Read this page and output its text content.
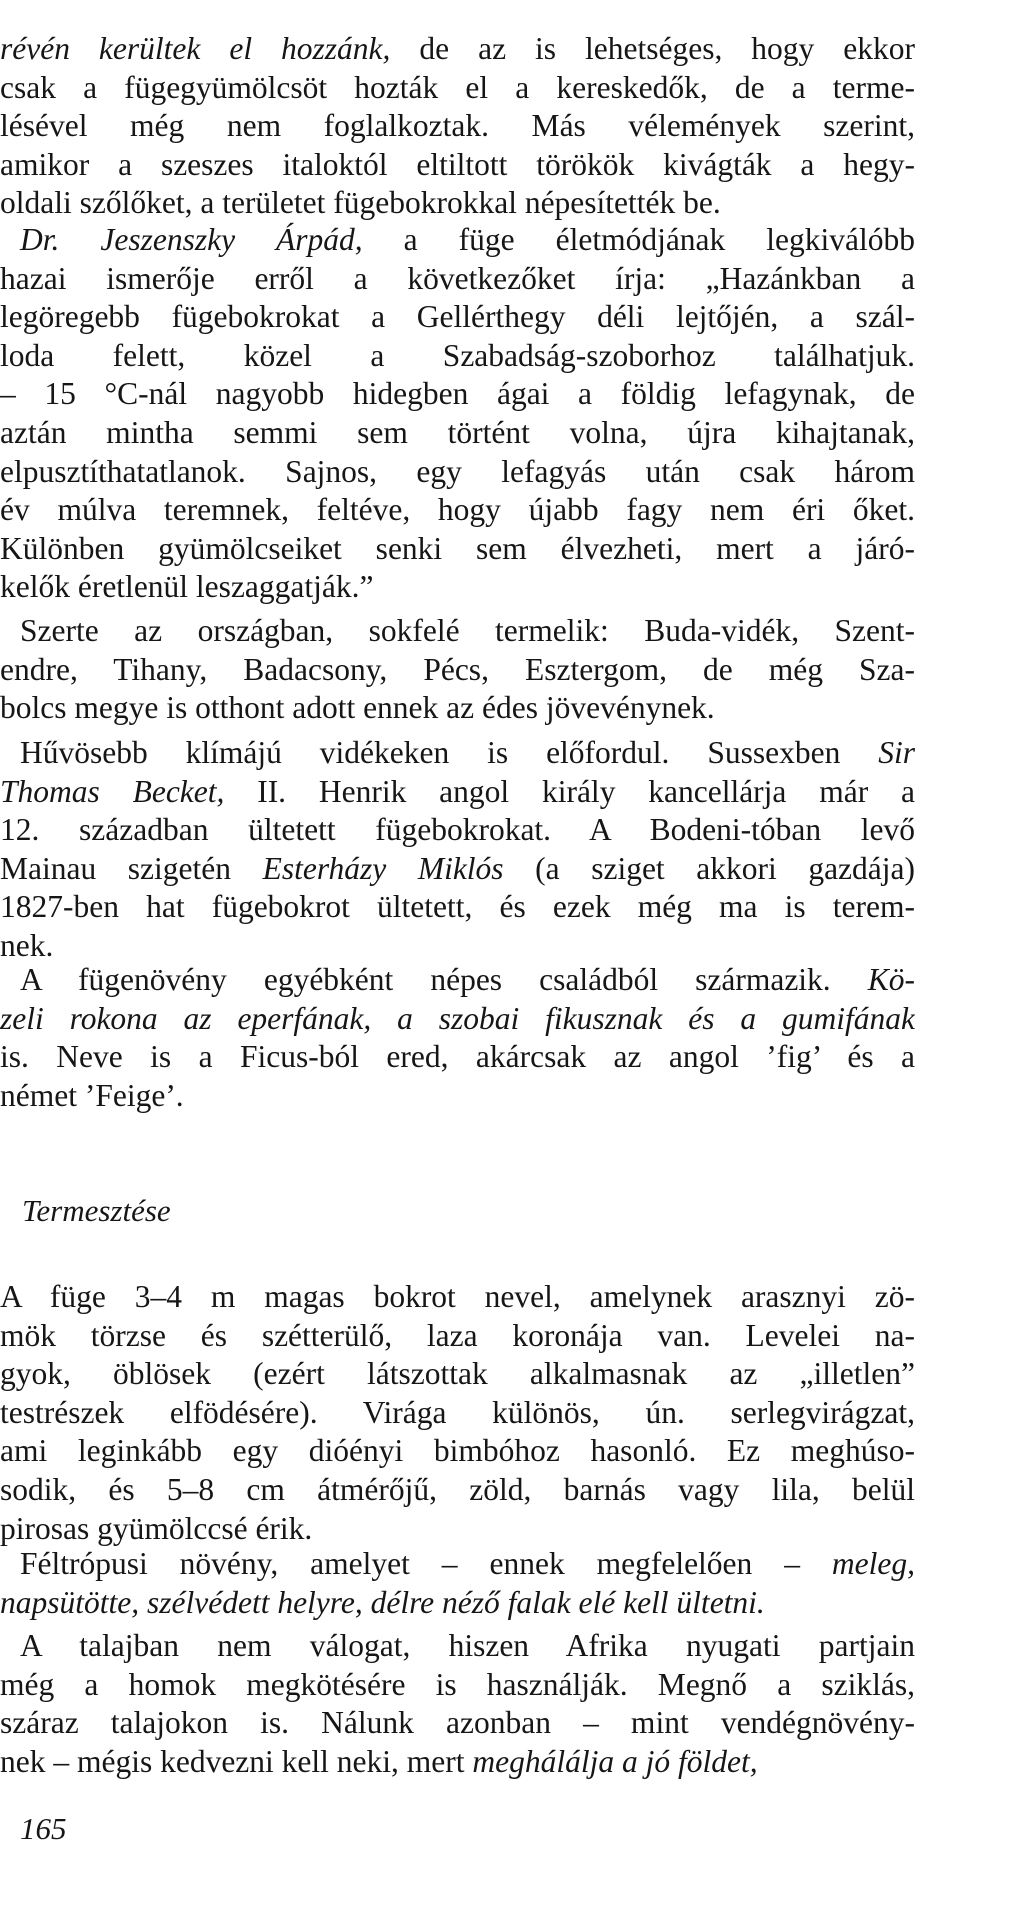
révén kerültek el hozzánk, de az is lehetséges, hogy ekkor
csak a fügegyümölcsöt hozták el a kereskedők, de a terme-
lésével még nem foglalkoztak. Más vélemények szerint,
amikor a szeszes italoktól eltiltott törökök kivágták a hegy-
oldali szőlőket, a területet fügebokrokkal népesítették be.
Dr. Jeszenszky Árpád, a füge életmódjának legkiválóbb
hazai ismerője erről a következőket írja: „Hazánkban a
legöregebb fügebokrokat a Gellérthegy déli lejtőjén, a szál-
loda felett, közel a Szabadság-szoborhoz találhatjuk.
– 15 °C-nál nagyobb hidegben ágai a földig lefagynak, de
aztán mintha semmi sem történt volna, újra kihajtanak,
elpusztíthatatlanok. Sajnos, egy lefagyás után csak három
év múlva teremnek, feltéve, hogy újabb fagy nem éri őket.
Különben gyümölcseiket senki sem élvezheti, mert a járó-
kelők éretlenül leszaggatják.”
Szerte az országban, sokfelé termelik: Buda-vidék, Szent-
endre, Tihany, Badacsony, Pécs, Esztergom, de még Sza-
bolcs megye is otthont adott ennek az édes jövevénynek.
Hűvösebb klímájú vidékeken is előfordul. Sussexben Sir
Thomas Becket, II. Henrik angol király kancellárja már a
12. században ültetett fügebokrokat. A Bodeni-tóban levő
Mainau szigetén Esterházy Miklós (a sziget akkori gazdája)
1827-ben hat fügebokrot ültetett, és ezek még ma is terem-
nek.
A fügenövény egyébként népes családból származik. Kö-
zeli rokona az eperfának, a szobai fikusznak és a gumifának
is. Neve is a Ficus-ból ered, akárcsak az angol ’fig’ és a
német ’Feige’.
A füge 3–4 m magas bokrot nevel, amelynek arasznyi zö-
mök törzse és szétterülő, laza koronája van. Levelei na-
gyok, öblösek (ezért látszottak alkalmasnak az „illetlen”
testrészek elfödésére). Virága különös, ún. serlegvirágzat,
ami leginkább egy dióényi bimbóhoz hasonló. Ez meghúso-
sodik, és 5–8 cm átmérőjű, zöld, barnás vagy lila, belül
pirosas gyümölccsé érik.
Féltrópusi növény, amelyet – ennek megfelelően – meleg,
napsütötte, szélvédett helyre, délre néző falak elé kell ültetni.
A talajban nem válogat, hiszen Afrika nyugati partjain
még a homok megkötésére is használják. Megnő a sziklás,
száraz talajokon is. Nálunk azonban – mint vendégnövény-
nek – mégis kedvezni kell neki, mert meghálálja a jó földet,
Termesztése
165
